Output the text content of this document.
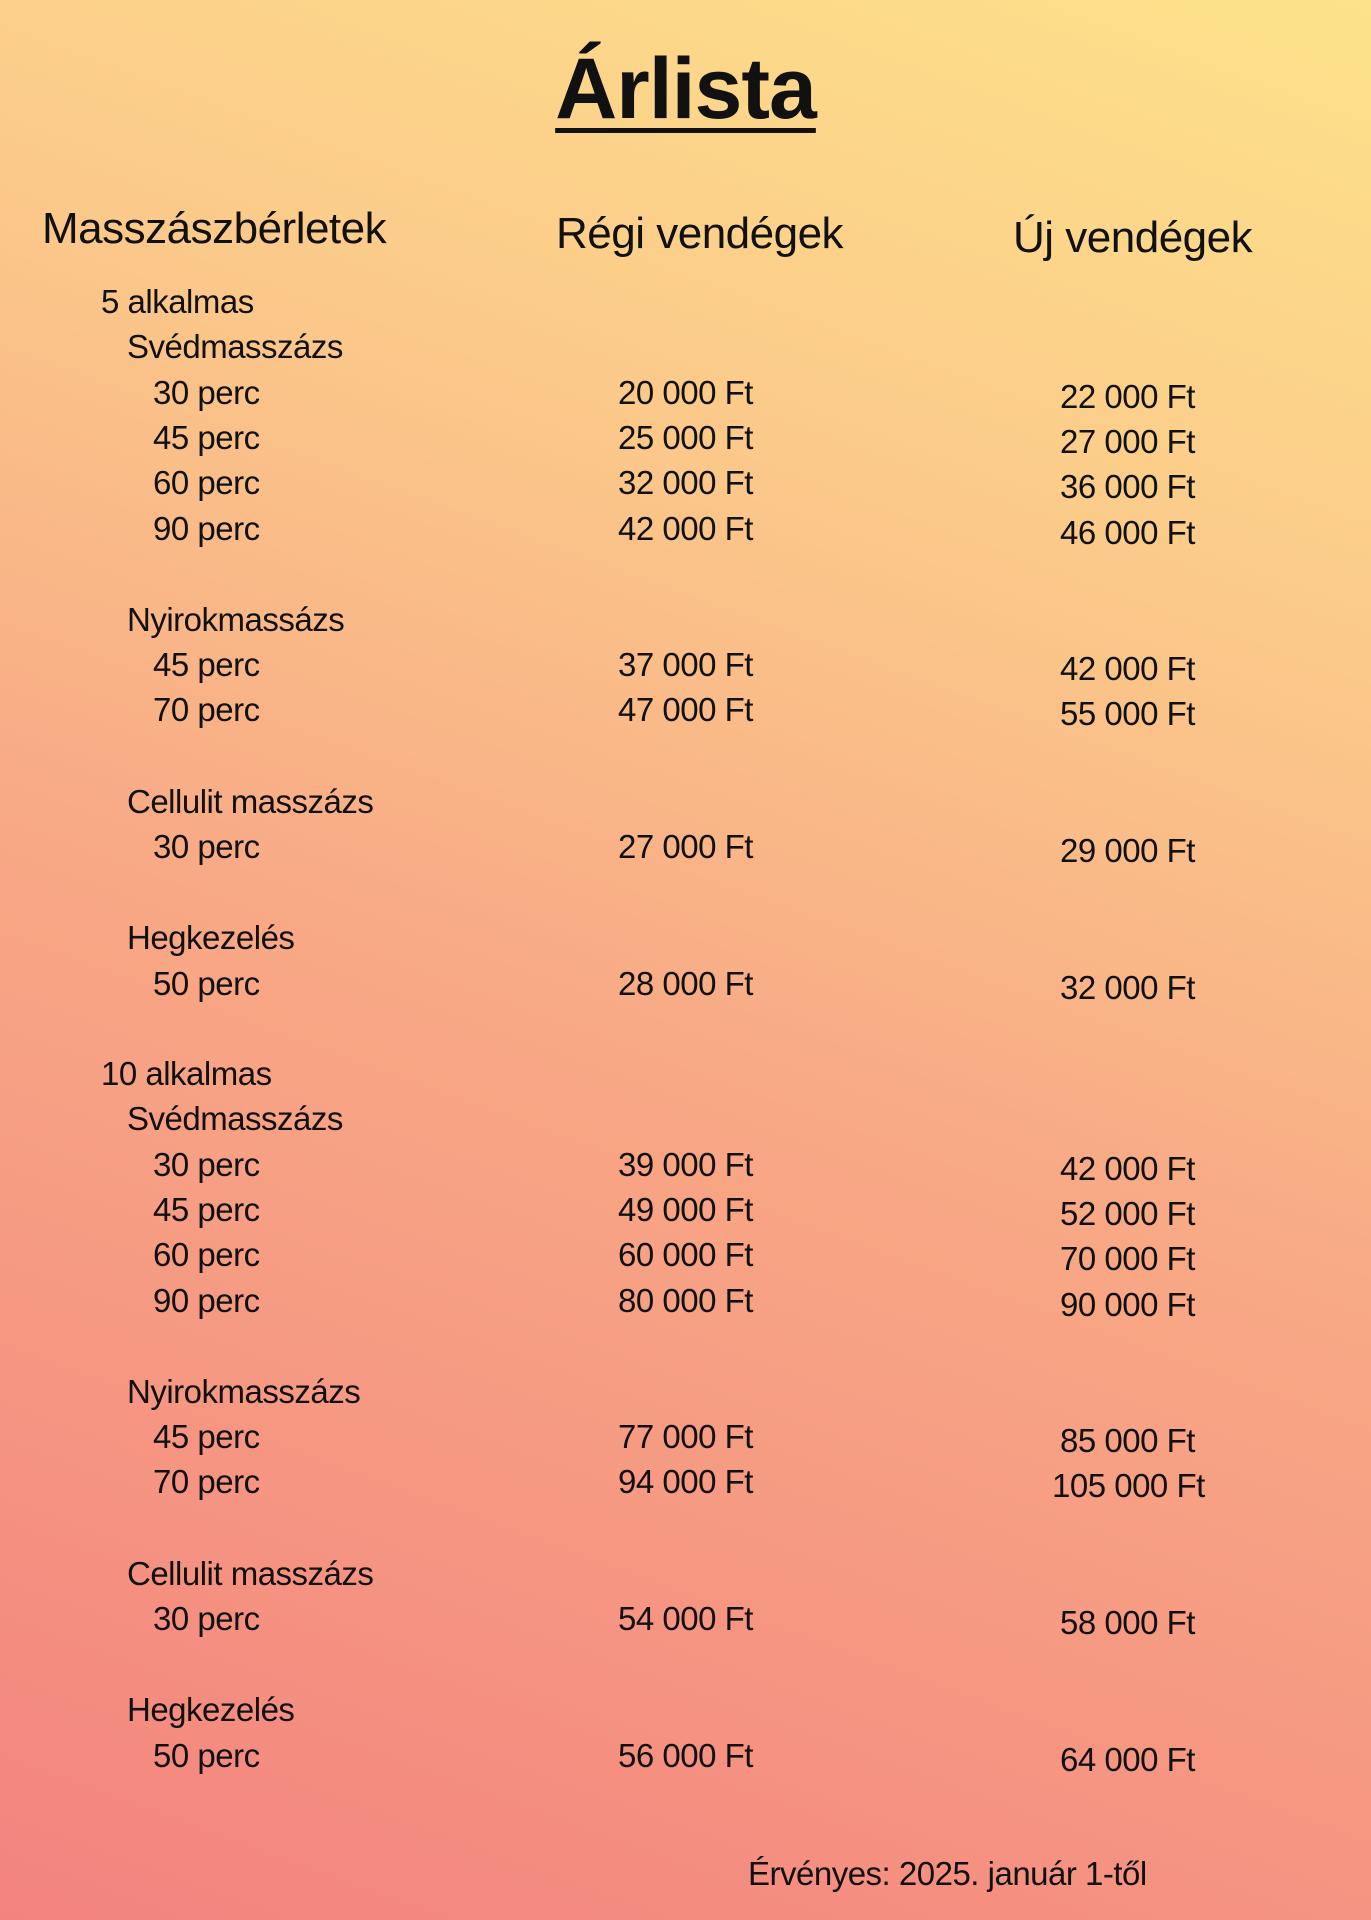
Árlista
Masszászbérletek	Régi vendégek	Új vendégek
5 alkalmas
Svédmasszázs
30 perc	20 000 Ft	22 000 Ft
45 perc	25 000 Ft	27 000 Ft
60 perc	32 000 Ft	36 000 Ft
90 perc	42 000 Ft	46 000 Ft
Nyirokmassázs
45 perc	37 000 Ft	42 000 Ft
70 perc	47 000 Ft	55 000 Ft
Cellulit masszázs
30 perc	27 000 Ft	29 000 Ft
Hegkezelés
50 perc	28 000 Ft	32 000 Ft
10 alkalmas
Svédmasszázs
30 perc	39 000 Ft	42 000 Ft
45 perc	49 000 Ft	52 000 Ft
60 perc	60 000 Ft	70 000 Ft
90 perc	80 000 Ft	90 000 Ft
Nyirokmasszázs
45 perc	77 000 Ft	85 000 Ft
70 perc	94 000 Ft	105 000 Ft
Cellulit masszázs
30 perc	54 000 Ft	58 000 Ft
Hegkezelés
50 perc	56 000 Ft	64 000 Ft
Érvényes: 2025. január 1-től
